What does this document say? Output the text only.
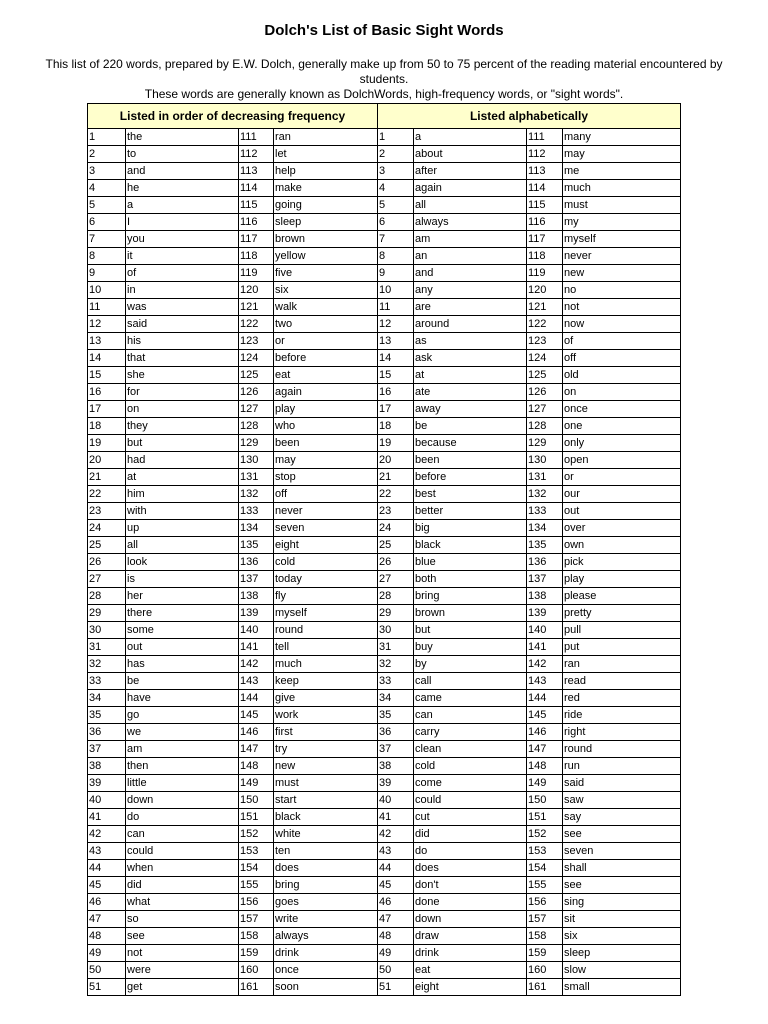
Dolch's List of Basic Sight Words
This list of 220 words, prepared by E.W. Dolch, generally make up from 50 to 75 percent of the reading material encountered by students.
These words are generally known as DolchWords, high-frequency words, or "sight words".
Listed in order of decreasing frequency				Listed alphabetically			
1	the	111	ran	1	a	111	many
2	to	112	let	2	about	112	may
3	and	113	help	3	after	113	me
4	he	114	make	4	again	114	much
5	a	115	going	5	all	115	must
6	I	116	sleep	6	always	116	my
7	you	117	brown	7	am	117	myself
8	it	118	yellow	8	an	118	never
9	of	119	five	9	and	119	new
10	in	120	six	10	any	120	no
11	was	121	walk	11	are	121	not
12	said	122	two	12	around	122	now
13	his	123	or	13	as	123	of
14	that	124	before	14	ask	124	off
15	she	125	eat	15	at	125	old
16	for	126	again	16	ate	126	on
17	on	127	play	17	away	127	once
18	they	128	who	18	be	128	one
19	but	129	been	19	because	129	only
20	had	130	may	20	been	130	open
21	at	131	stop	21	before	131	or
22	him	132	off	22	best	132	our
23	with	133	never	23	better	133	out
24	up	134	seven	24	big	134	over
25	all	135	eight	25	black	135	own
26	look	136	cold	26	blue	136	pick
27	is	137	today	27	both	137	play
28	her	138	fly	28	bring	138	please
29	there	139	myself	29	brown	139	pretty
30	some	140	round	30	but	140	pull
31	out	141	tell	31	buy	141	put
32	has	142	much	32	by	142	ran
33	be	143	keep	33	call	143	read
34	have	144	give	34	came	144	red
35	go	145	work	35	can	145	ride
36	we	146	first	36	carry	146	right
37	am	147	try	37	clean	147	round
38	then	148	new	38	cold	148	run
39	little	149	must	39	come	149	said
40	down	150	start	40	could	150	saw
41	do	151	black	41	cut	151	say
42	can	152	white	42	did	152	see
43	could	153	ten	43	do	153	seven
44	when	154	does	44	does	154	shall
45	did	155	bring	45	don't	155	see
46	what	156	goes	46	done	156	sing
47	so	157	write	47	down	157	sit
48	see	158	always	48	draw	158	six
49	not	159	drink	49	drink	159	sleep
50	were	160	once	50	eat	160	slow
51	get	161	soon	51	eight	161	small
